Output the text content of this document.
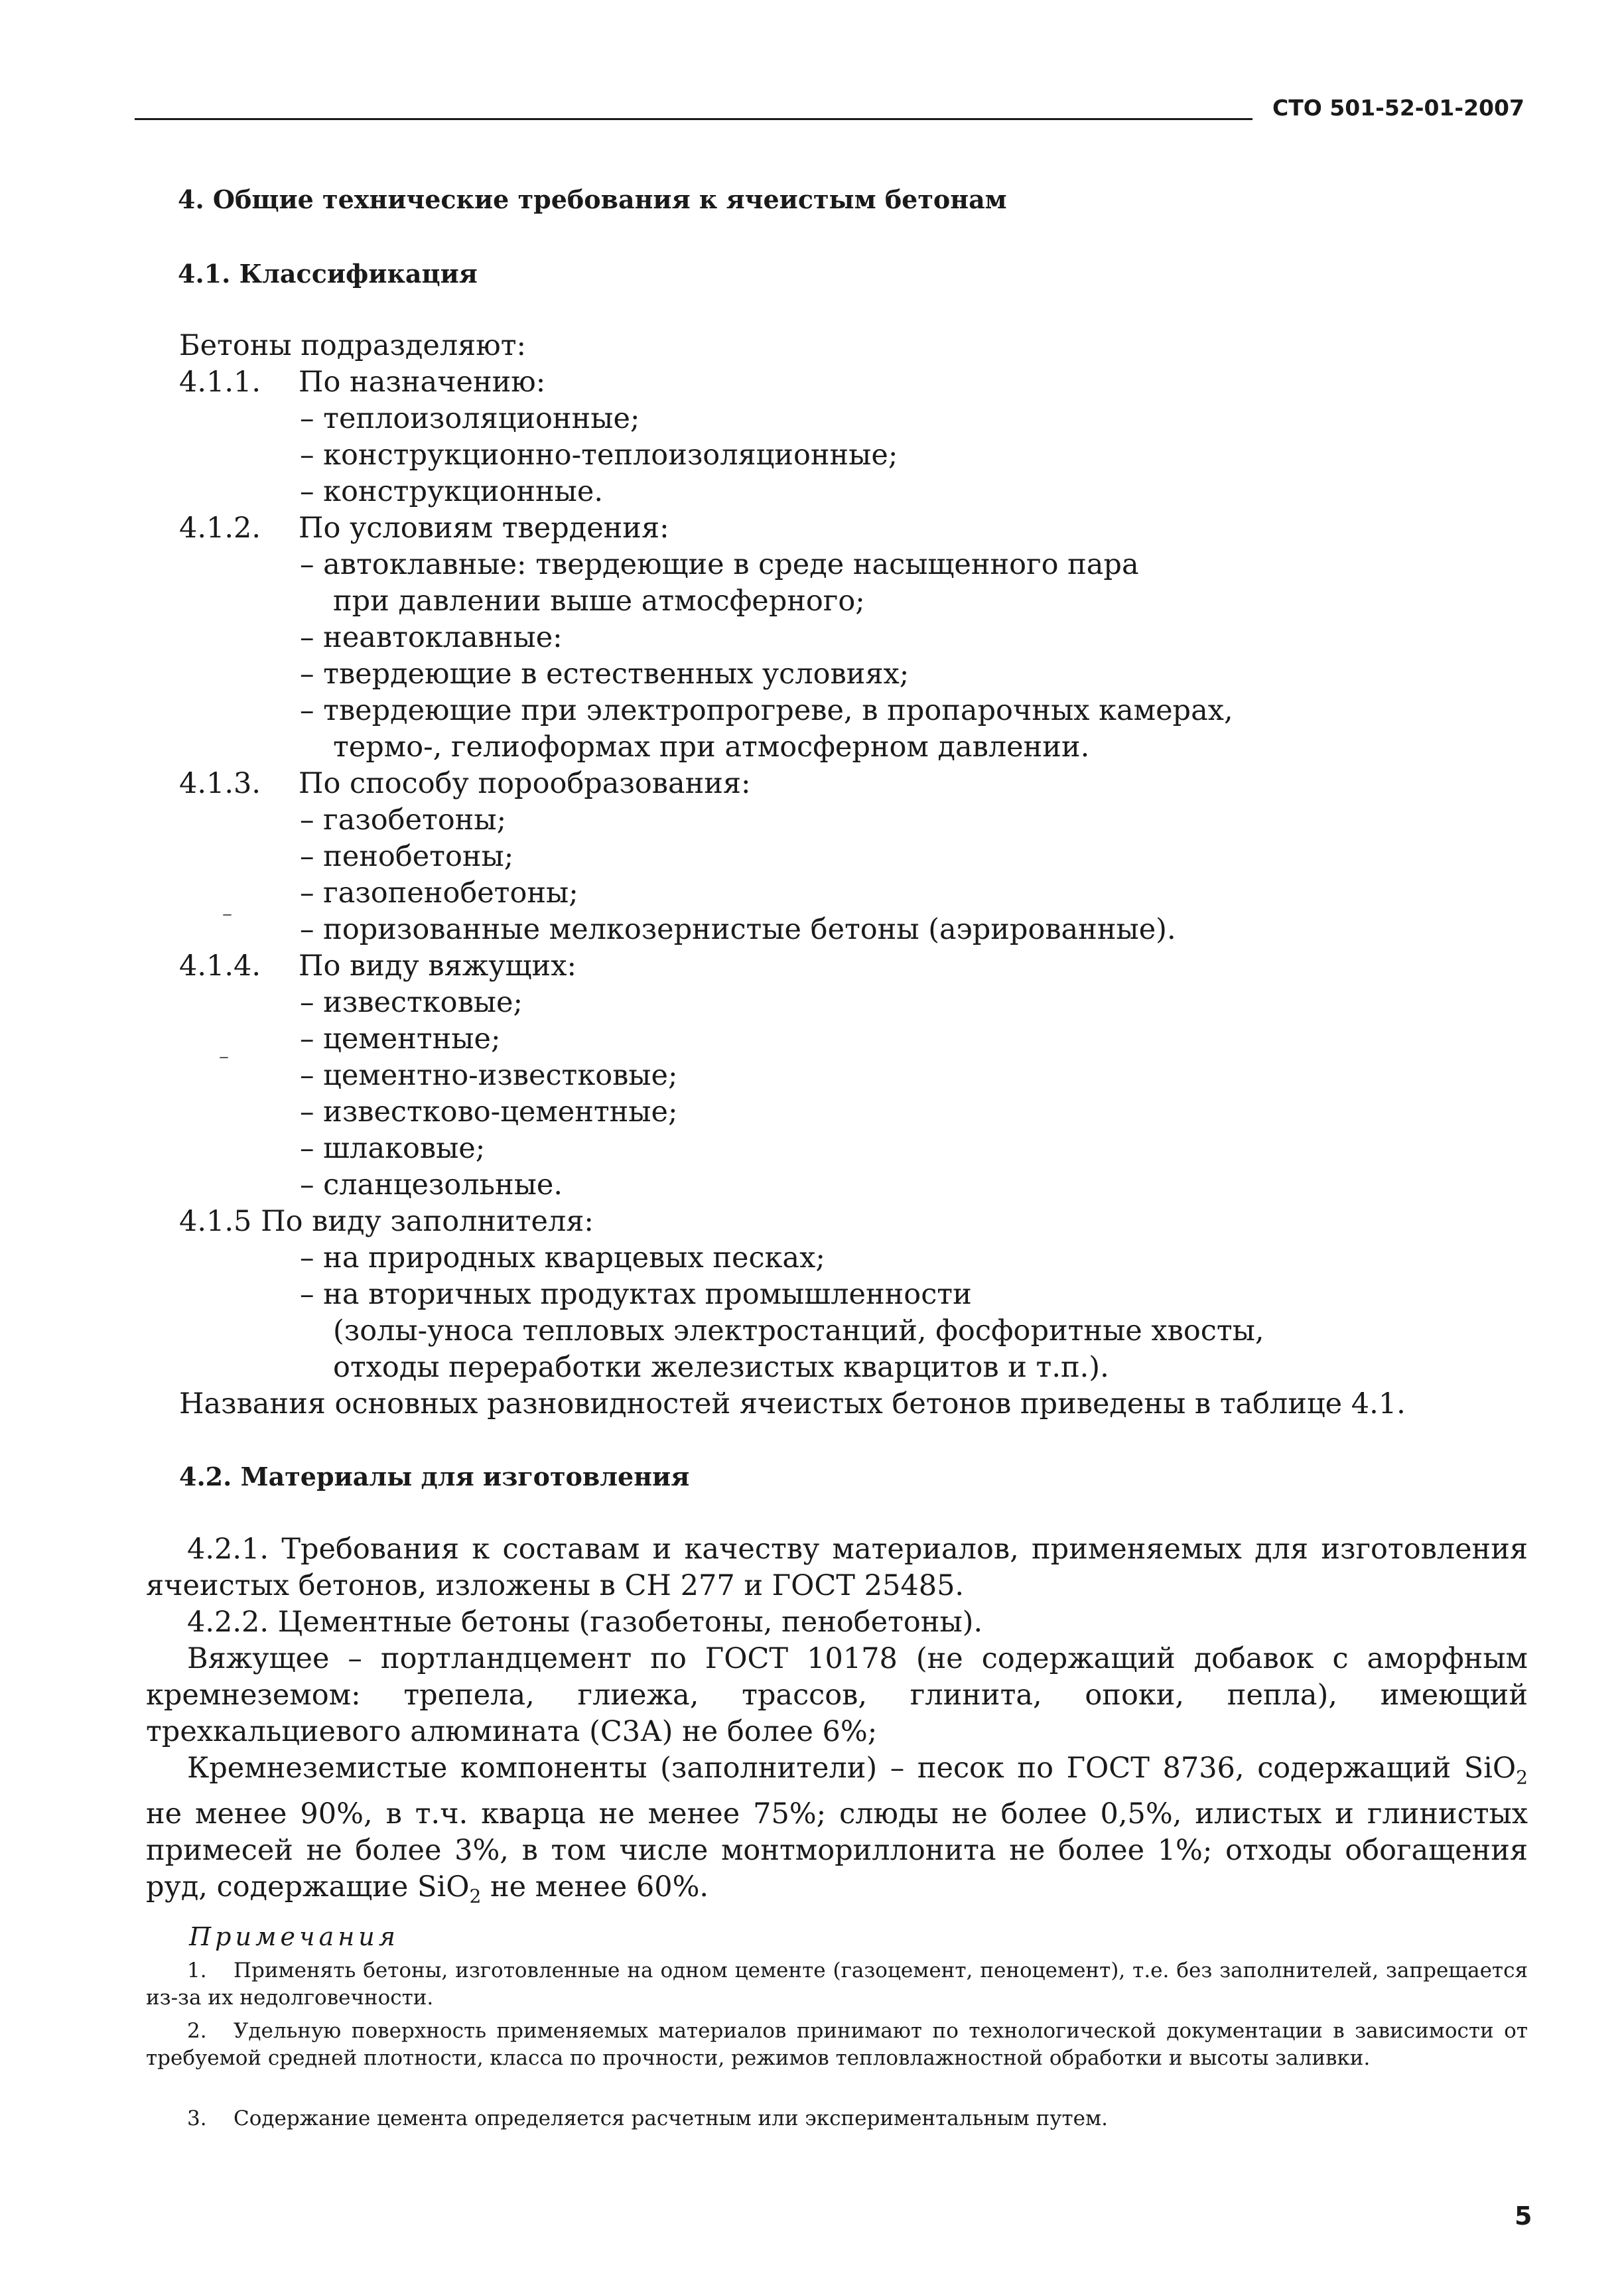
СТО 501-52-01-2007
4. Общие технические требования к ячеистым бетонам
4.1. Классификация
Бетоны подразделяют:
4.1.1. По назначению:
– теплоизоляционные;
– конструкционно-теплоизоляционные;
– конструкционные.
4.1.2. По условиям твердения:
– автоклавные: твердеющие в среде насыщенного пара
при давлении выше атмосферного;
– неавтоклавные:
– твердеющие в естественных условиях;
– твердеющие при электропрогреве, в пропарочных камерах,
термо-, гелиоформах при атмосферном давлении.
4.1.3. По способу порообразования:
– газобетоны;
– пенобетоны;
– газопенобетоны;
– – поризованные мелкозернистые бетоны (аэрированные).
4.1.4. По виду вяжущих:
– известковые;
– цементные;
–
– цементно-известковые;
– известково-цементные;
– шлаковые;
– сланцезольные.
4.1.5 По виду заполнителя:
– на природных кварцевых песках;
– на вторичных продуктах промышленности
(золы-уноса тепловых электростанций, фосфоритные хвосты,
отходы переработки железистых кварцитов и т.п.).
Названия основных разновидностей ячеистых бетонов приведены в таблице 4.1.
4.2. Материалы для изготовления
4.2.1. Требования к составам и качеству материалов, применяемых для изготовления ячеистых бетонов, изложены в СН 277 и ГОСТ 25485.
4.2.2. Цементные бетоны (газобетоны, пенобетоны).
Вяжущее – портландцемент по ГОСТ 10178 (не содержащий добавок с аморфным кремнеземом: трепела, глиежа, трассов, глинита, опоки, пепла), имеющий трехкальциевого алюмината (С3А) не более 6%;
Кремнеземистые компоненты (заполнители) – песок по ГОСТ 8736, содержащий SiO$_2$ не менее 90%, в т.ч. кварца не менее 75%; слюды не более 0,5%, илистых и глинистых примесей не более 3%, в том числе монтмориллонита не более 1%; отходы обогащения руд, содержащие SiO$_2$ не менее 60%.
Примечания
1. Применять бетоны, изготовленные на одном цементе (газоцемент, пеноцемент), т.е. без заполнителей, запрещается из-за их недолговечности.
2. Удельную поверхность применяемых материалов принимают по технологической документации в зависимости от требуемой средней плотности, класса по прочности, режимов тепловлажностной обработки и высоты заливки.
3. Содержание цемента определяется расчетным или экспериментальным путем.
5
